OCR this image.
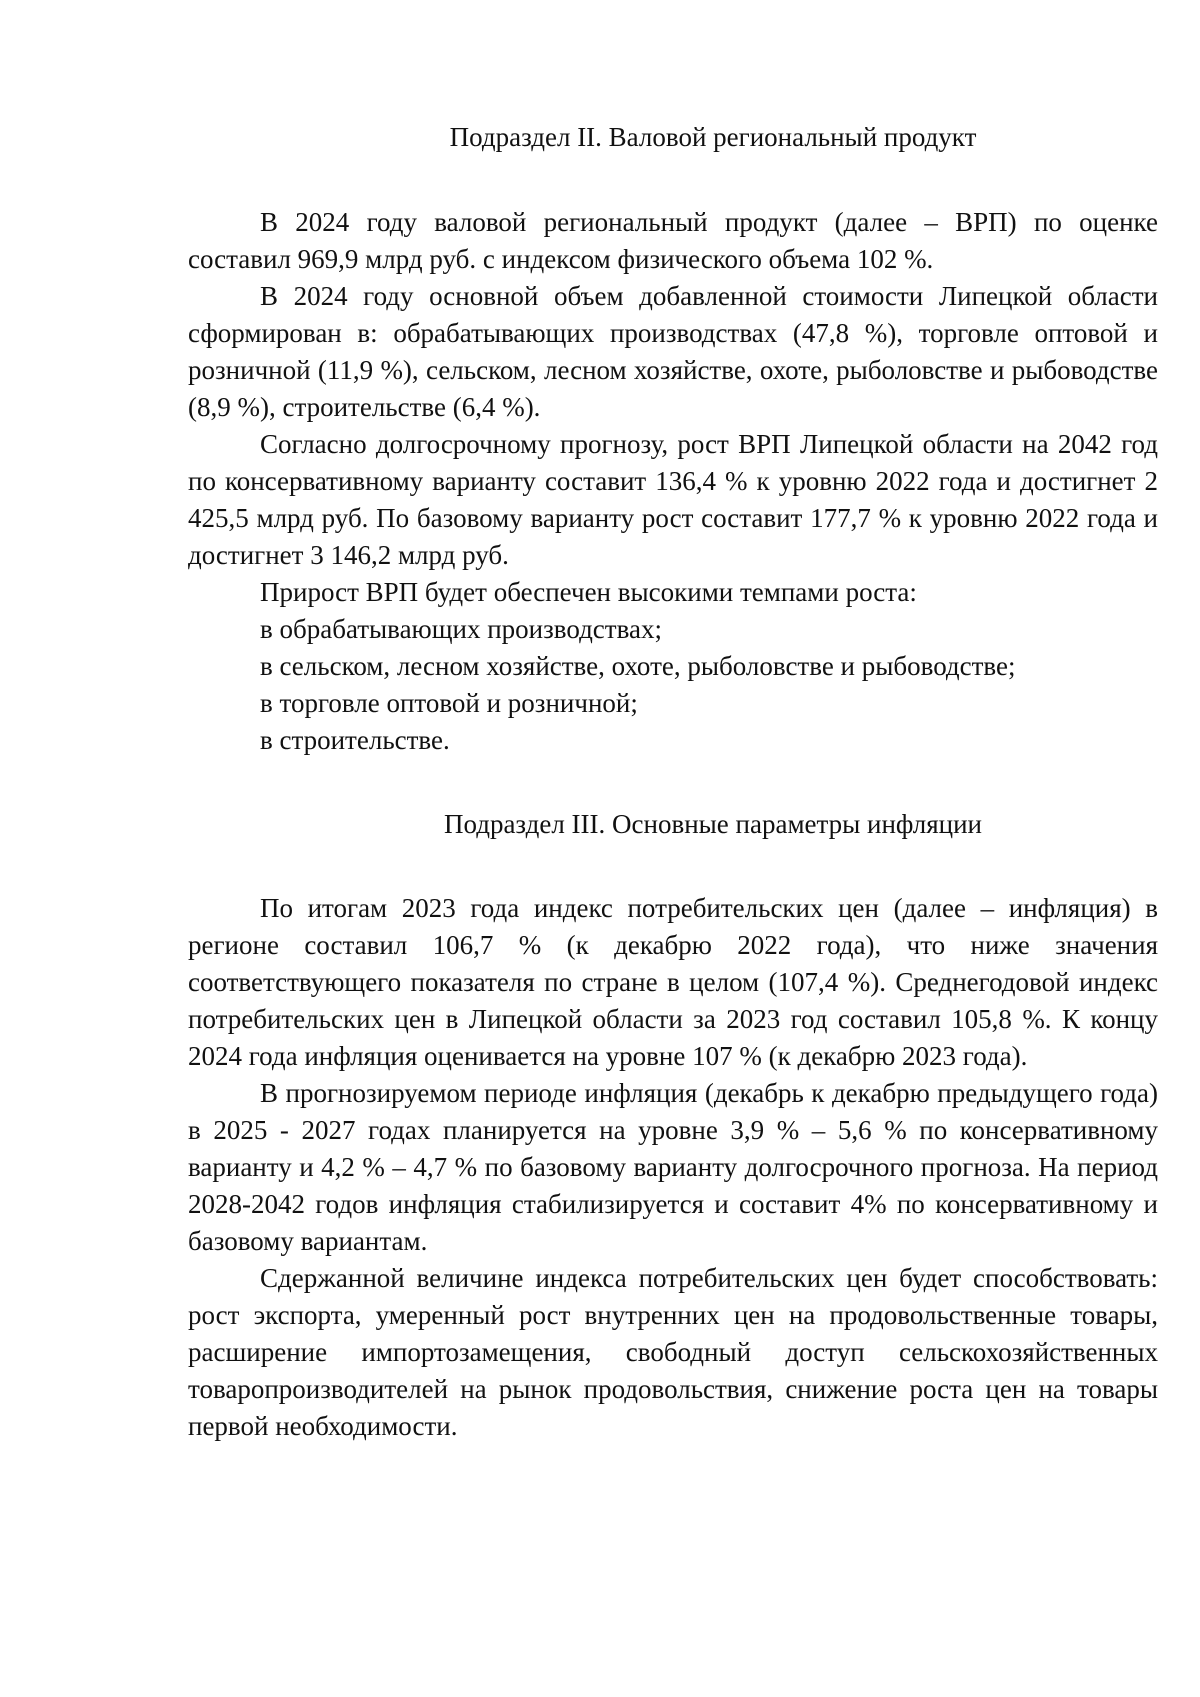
Подраздел II. Валовой региональный продукт

В 2024 году валовой региональный продукт (далее – ВРП) по оценке составил 969,9 млрд руб. с индексом физического объема 102 %.

В 2024 году основной объем добавленной стоимости Липецкой области сформирован в: обрабатывающих производствах (47,8 %), торговле оптовой и розничной (11,9 %), сельском, лесном хозяйстве, охоте, рыболовстве и рыбоводстве (8,9 %), строительстве (6,4 %).

Согласно долгосрочному прогнозу, рост ВРП Липецкой области на 2042 год по консервативному варианту составит 136,4 % к уровню 2022 года и достигнет 2 425,5 млрд руб. По базовому варианту рост составит 177,7 % к уровню 2022 года и достигнет 3 146,2 млрд руб.

Прирост ВРП будет обеспечен высокими темпами роста:

в обрабатывающих производствах;
в сельском, лесном хозяйстве, охоте, рыболовстве и рыбоводстве;
в торговле оптовой и розничной;
в строительстве.
Подраздел III. Основные параметры инфляции

По итогам 2023 года индекс потребительских цен (далее – инфляция) в регионе составил 106,7 % (к декабрю 2022 года), что ниже значения соответствующего показателя по стране в целом (107,4 %). Среднегодовой индекс потребительских цен в Липецкой области за 2023 год составил 105,8 %. К концу 2024 года инфляция оценивается на уровне 107 % (к декабрю 2023 года).

В прогнозируемом периоде инфляция (декабрь к декабрю предыдущего года) в 2025 - 2027 годах планируется на уровне 3,9 % – 5,6 % по консервативному варианту и 4,2 % – 4,7 % по базовому варианту долгосрочного прогноза. На период 2028-2042 годов инфляция стабилизируется и составит 4% по консервативному и базовому вариантам.

Сдержанной величине индекса потребительских цен будет способствовать: рост экспорта, умеренный рост внутренних цен на продовольственные товары, расширение импортозамещения, свободный доступ сельскохозяйственных товаропроизводителей на рынок продовольствия, снижение роста цен на товары первой необходимости.
